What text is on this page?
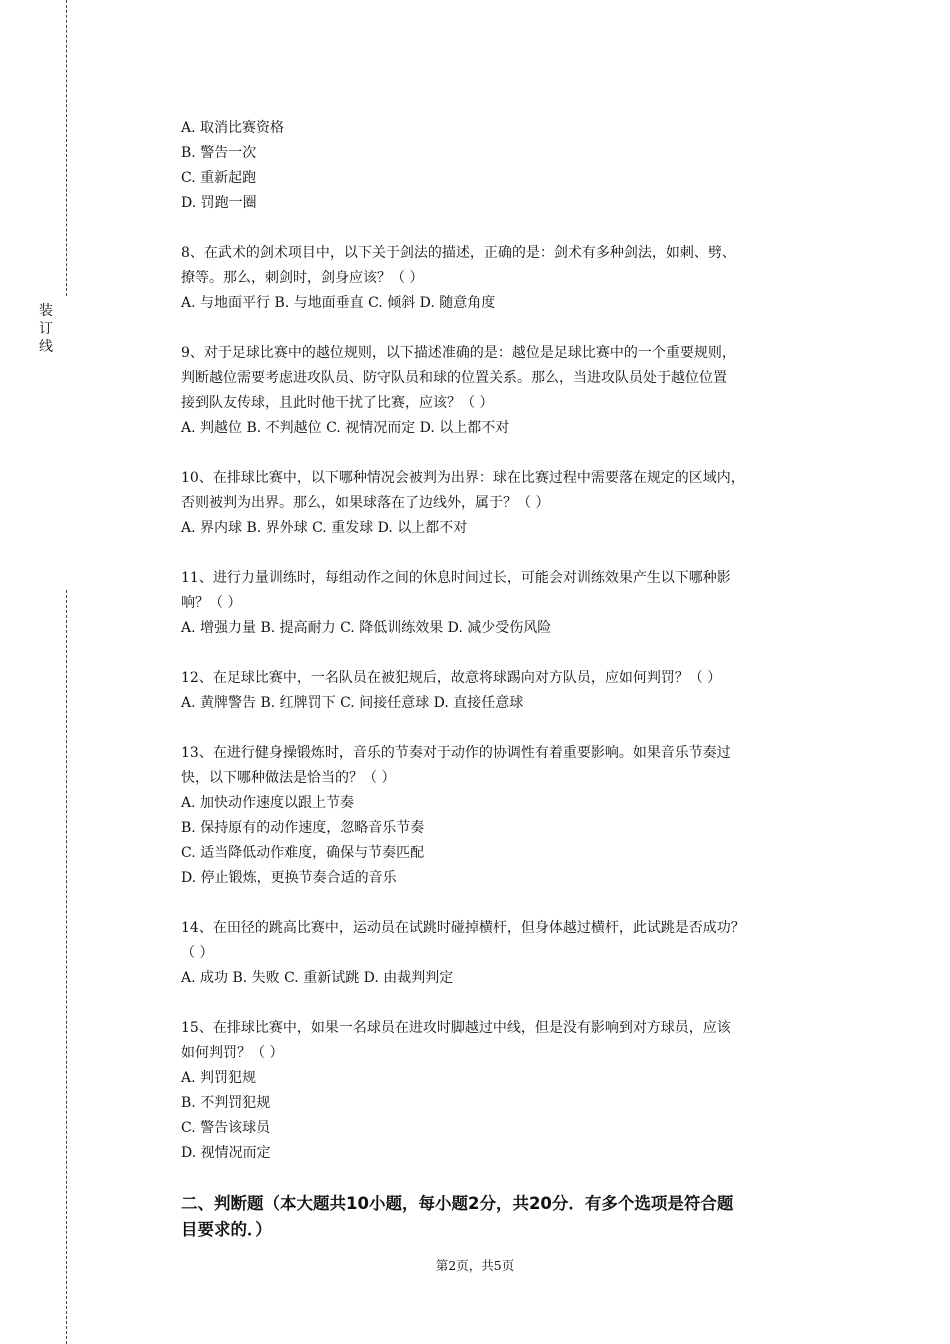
装
订
线
A. 取消比赛资格
B. 警告一次
C. 重新起跑
D. 罚跑一圈
8、在武术的剑术项目中，以下关于剑法的描述，正确的是：剑术有多种剑法，如刺、劈、
撩等。那么，刺剑时，剑身应该？（ ）
A. 与地面平行 B. 与地面垂直 C. 倾斜 D. 随意角度
9、对于足球比赛中的越位规则，以下描述准确的是：越位是足球比赛中的一个重要规则，
判断越位需要考虑进攻队员、防守队员和球的位置关系。那么，当进攻队员处于越位位置
接到队友传球，且此时他干扰了比赛，应该？（ ）
A. 判越位 B. 不判越位 C. 视情况而定 D. 以上都不对
10、在排球比赛中，以下哪种情况会被判为出界：球在比赛过程中需要落在规定的区域内，
否则被判为出界。那么，如果球落在了边线外，属于？（ ）
A. 界内球 B. 界外球 C. 重发球 D. 以上都不对
11、进行力量训练时，每组动作之间的休息时间过长，可能会对训练效果产生以下哪种影
响？（ ）
A. 增强力量 B. 提高耐力 C. 降低训练效果 D. 减少受伤风险
12、在足球比赛中，一名队员在被犯规后，故意将球踢向对方队员，应如何判罚？（ ）
A. 黄牌警告 B. 红牌罚下 C. 间接任意球 D. 直接任意球
13、在进行健身操锻炼时，音乐的节奏对于动作的协调性有着重要影响。如果音乐节奏过
快，以下哪种做法是恰当的？（ ）
A. 加快动作速度以跟上节奏
B. 保持原有的动作速度，忽略音乐节奏
C. 适当降低动作难度，确保与节奏匹配
D. 停止锻炼，更换节奏合适的音乐
14、在田径的跳高比赛中，运动员在试跳时碰掉横杆，但身体越过横杆，此试跳是否成功？
（ ）
A. 成功 B. 失败 C. 重新试跳 D. 由裁判判定
15、在排球比赛中，如果一名球员在进攻时脚越过中线，但是没有影响到对方球员，应该
如何判罚？（ ）
A. 判罚犯规
B. 不判罚犯规
C. 警告该球员
D. 视情况而定
二、判断题（本大题共10小题，每小题2分，共20分．有多个选项是符合题
目要求的．）
第2页，共5页
